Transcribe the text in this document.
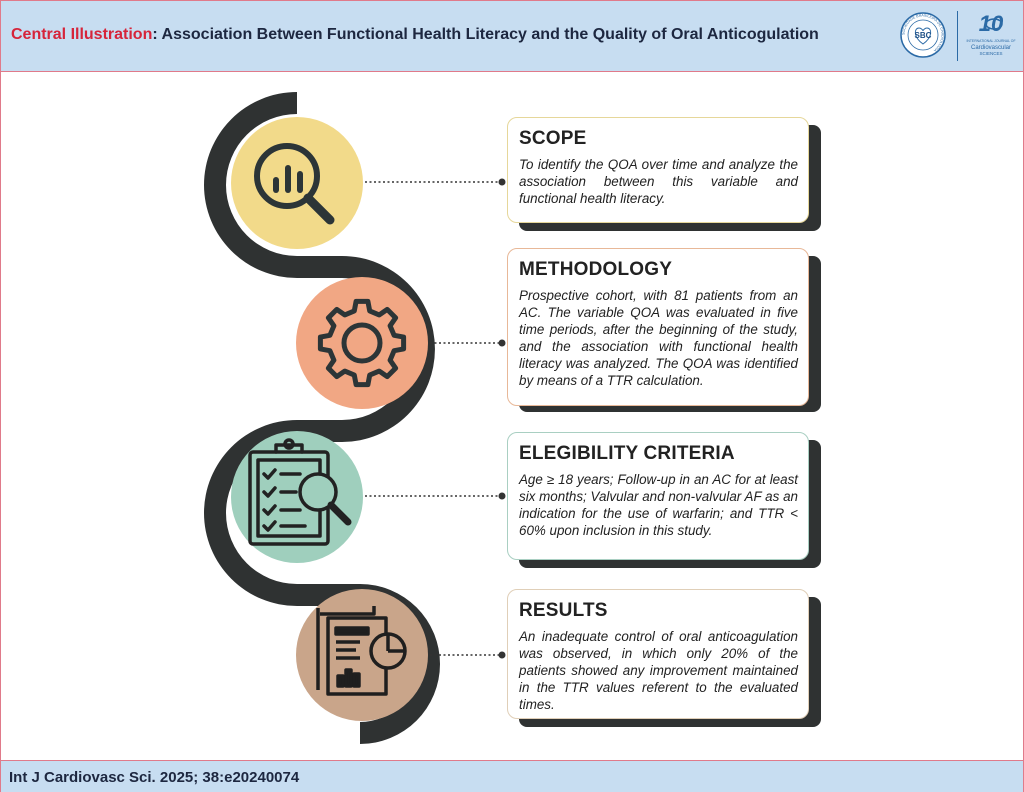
Central Illustration: Association Between Functional Health Literacy and the Quality of Oral Anticogulation	SOCIEDADE BRASILEIRA DE CARDIOLOGIA
SBC 10
INTERNATIONAL JOURNAL OF
Cardiovascular
SCIENCES
SCOPE
To identify the QOA over time and analyze the association between this variable and functional health literacy.
METHODOLOGY
Prospective cohort, with 81 patients from an AC. The variable QOA was evaluated in five time periods, after the beginning of the study, and the association with functional health literacy was analyzed. The QOA was identified by means of a TTR calculation.
ELEGIBILITY CRITERIA
Age ≥ 18 years; Follow-up in an AC for at least six months; Valvular and non-valvular AF as an indication for the use of warfarin; and TTR < 60% upon inclusion in this study.
RESULTS
An inadequate control of oral anticoagulation was observed, in which only 20% of the patients showed any improvement maintained in the TTR values referent to the evaluated times.
Int J Cardiovasc Sci. 2025; 38:e20240074
